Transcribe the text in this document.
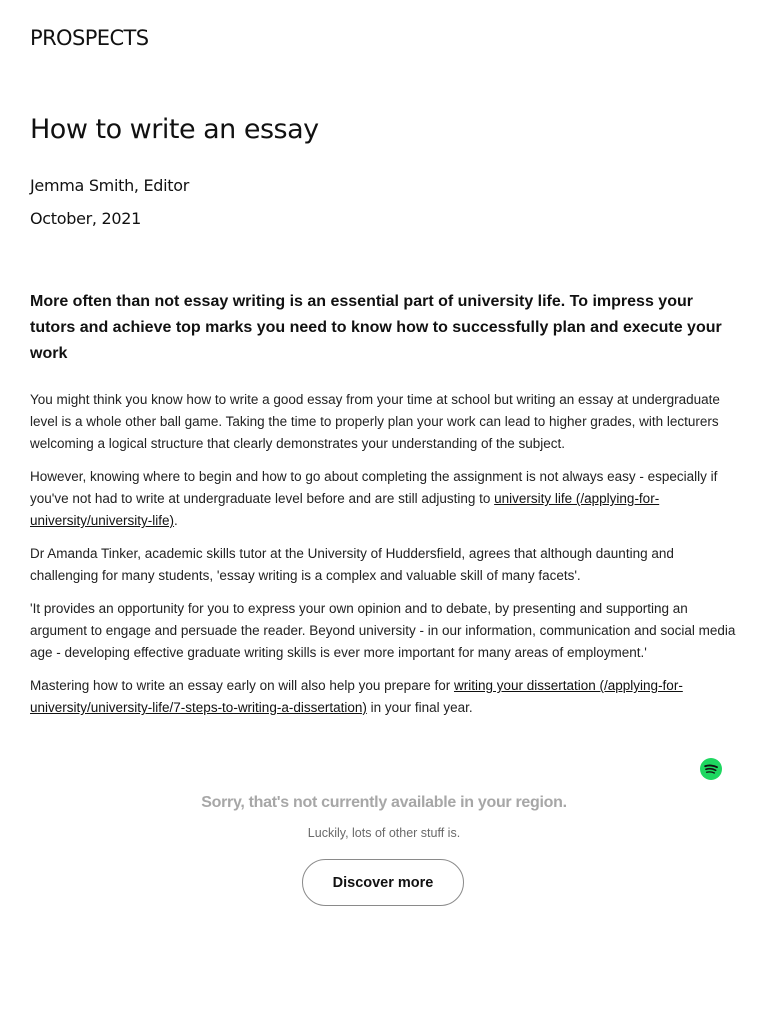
PROSPECTS
How to write an essay
Jemma Smith, Editor
October, 2021

More often than not essay writing is an essential part of university life. To impress your tutors and achieve top marks you need to know how to successfully plan and execute your work

You might think you know how to write a good essay from your time at school but writing an essay at undergraduate level is a whole other ball game. Taking the time to properly plan your work can lead to higher grades, with lecturers welcoming a logical structure that clearly demonstrates your understanding of the subject.

However, knowing where to begin and how to go about completing the assignment is not always easy - especially if you've not had to write at undergraduate level before and are still adjusting to university life (/applying-for-university/university-life).

Dr Amanda Tinker, academic skills tutor at the University of Huddersfield, agrees that although daunting and challenging for many students, 'essay writing is a complex and valuable skill of many facets'.

'It provides an opportunity for you to express your own opinion and to debate, by presenting and supporting an argument to engage and persuade the reader. Beyond university - in our information, communication and social media age - developing effective graduate writing skills is ever more important for many areas of employment.'

Mastering how to write an essay early on will also help you prepare for writing your dissertation (/applying-for-university/university-life/7-steps-to-writing-a-dissertation) in your final year.

Sorry, that's not currently available in your region.
Luckily, lots of other stuff is.
Discover more
